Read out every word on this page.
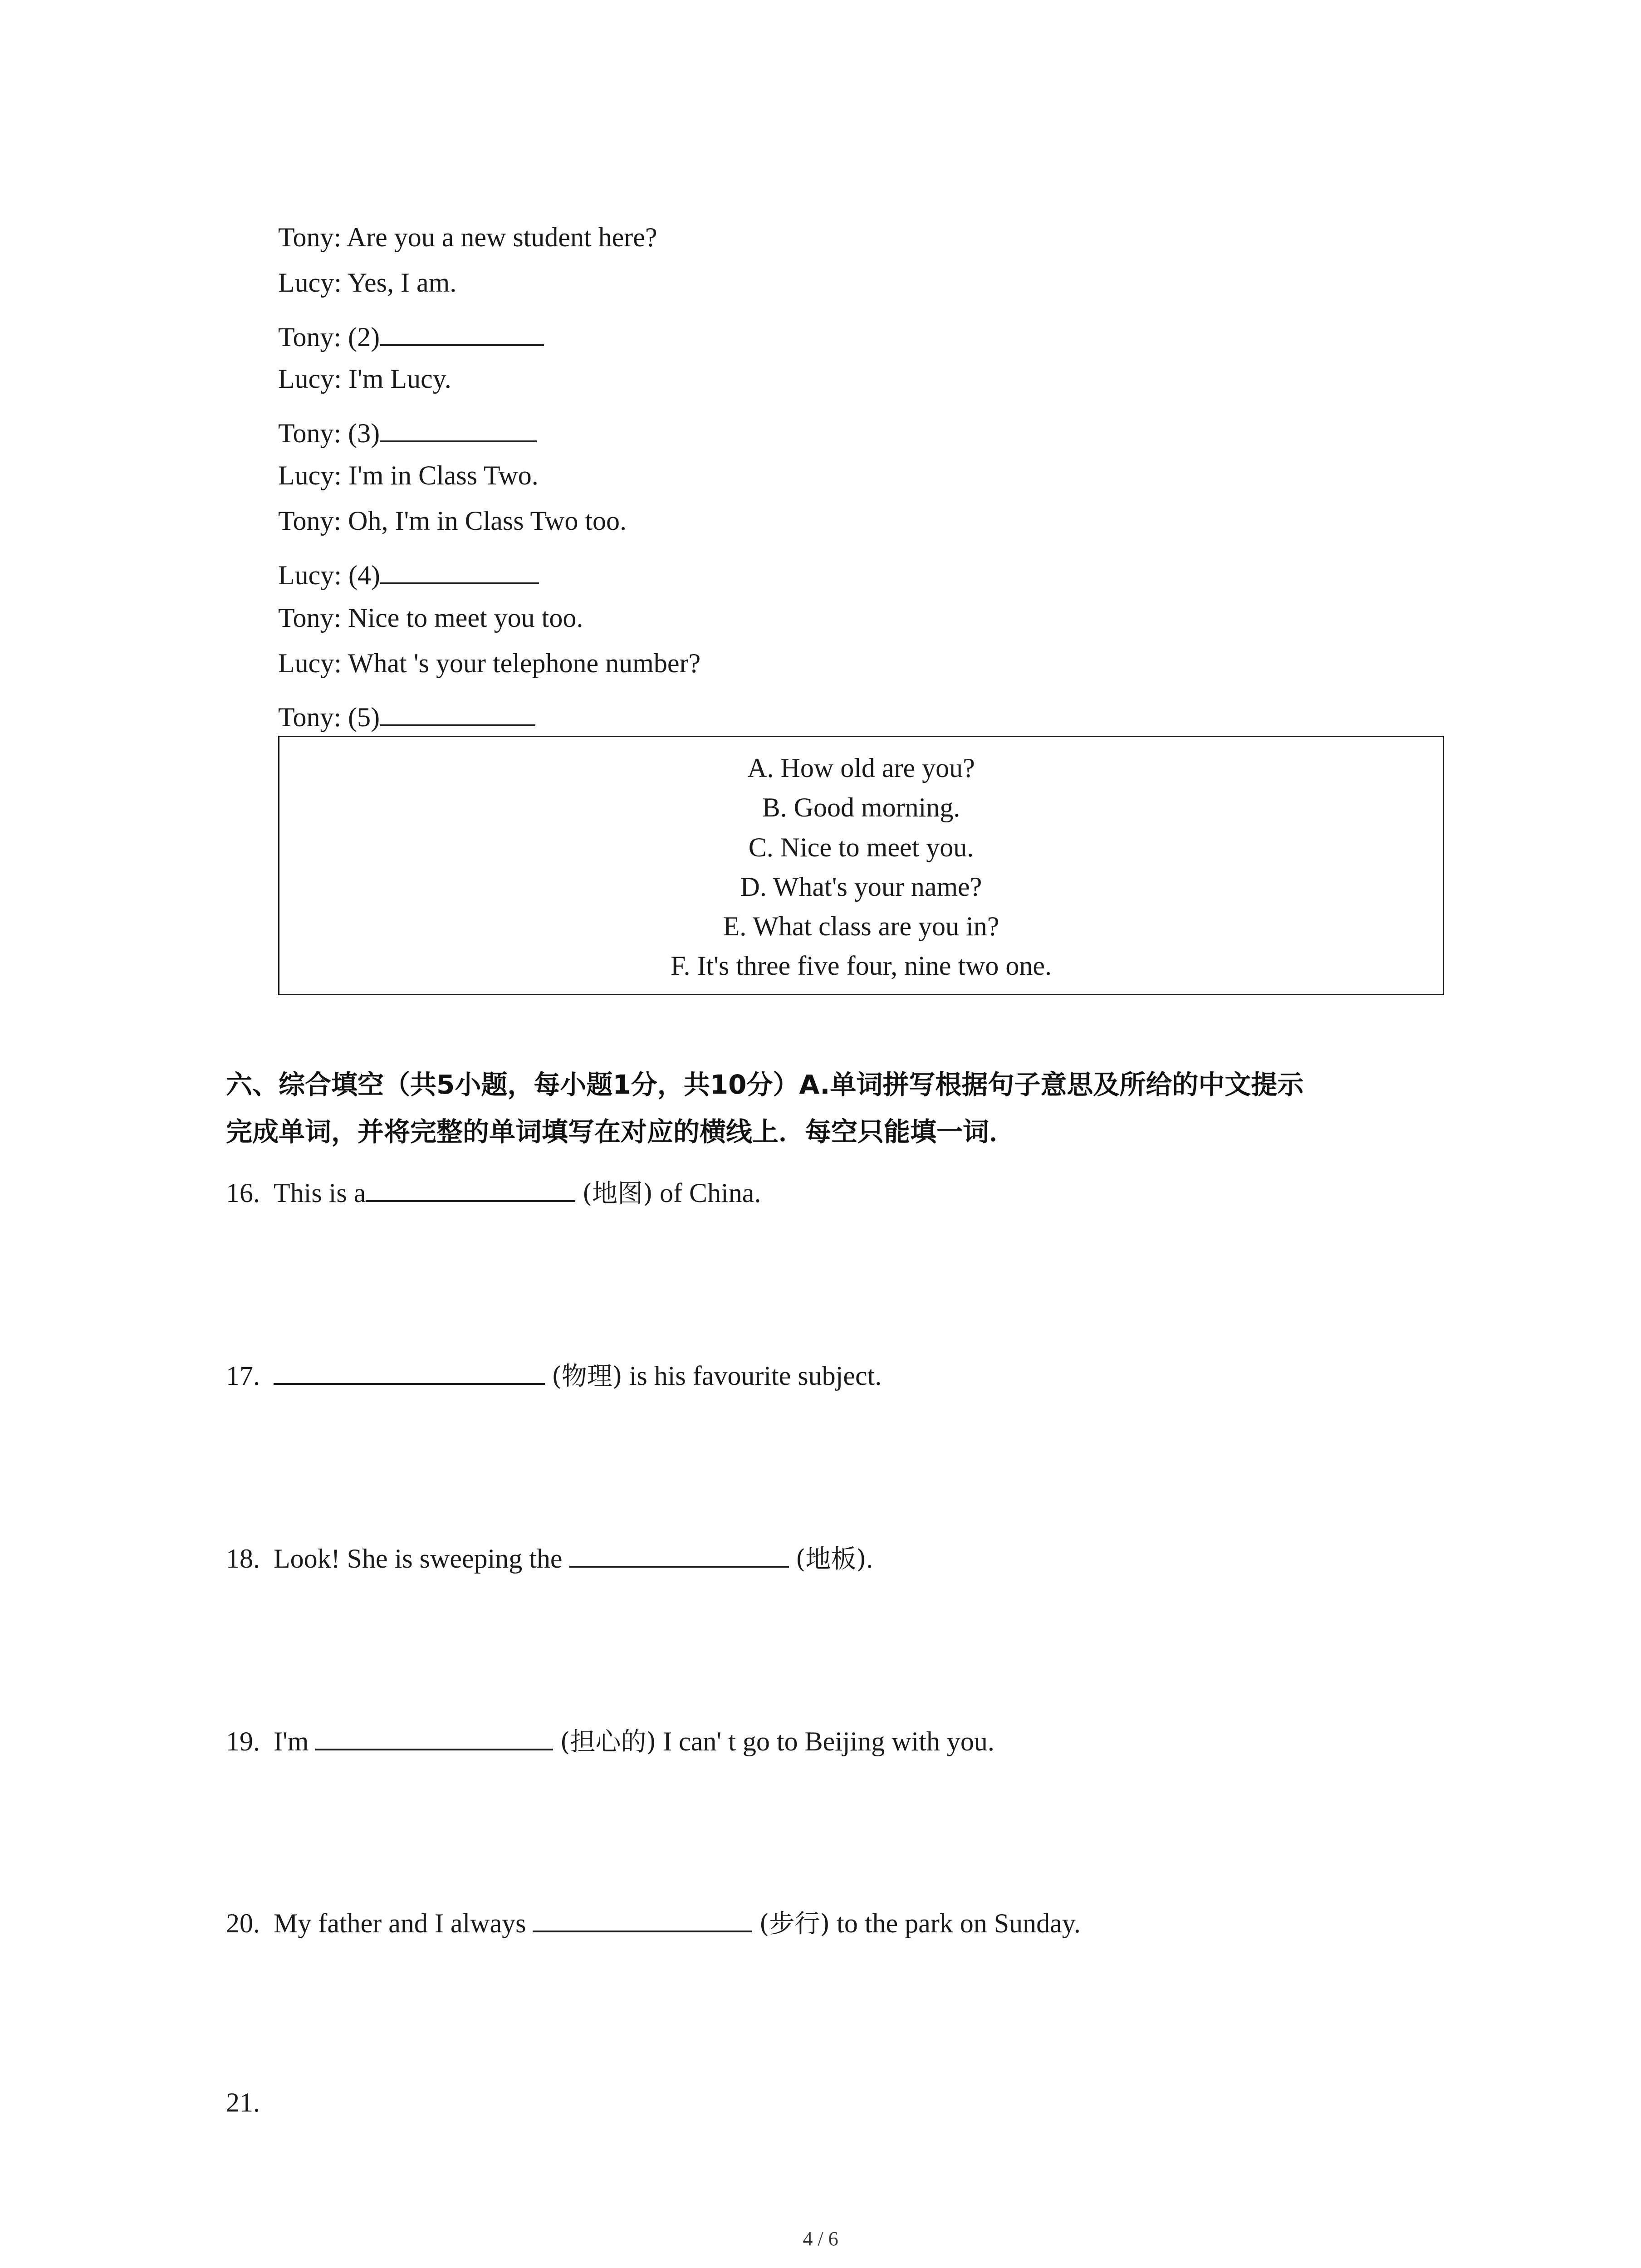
Tony: Are you a new student here?
Lucy: Yes, I am.
Tony: (2)
Lucy: I'm Lucy.
Tony: (3)
Lucy: I'm in Class Two.
Tony: Oh, I'm in Class Two too.
Lucy: (4)
Tony: Nice to meet you too.
Lucy: What 's your telephone number?
Tony: (5)
A. How old are you?
B. Good morning.
C. Nice to meet you.
D. What's your name?
E. What class are you in?
F. It's three five four, nine two one.
六、综合填空（共5小题，每小题1分，共10分）A.单词拼写根据句子意思及所给的中文提示
完成单词，并将完整的单词填写在对应的横线上．每空只能填一词．
16. This is a	(地图) of China.
17.	(物理) is his favourite subject.
18. Look! She is sweeping the	(地板).
19. I'm	(担心的) I can' t go to Beijing with you.
20. My father and I always	(步行) to the park on Sunday.
21.
4 / 6
